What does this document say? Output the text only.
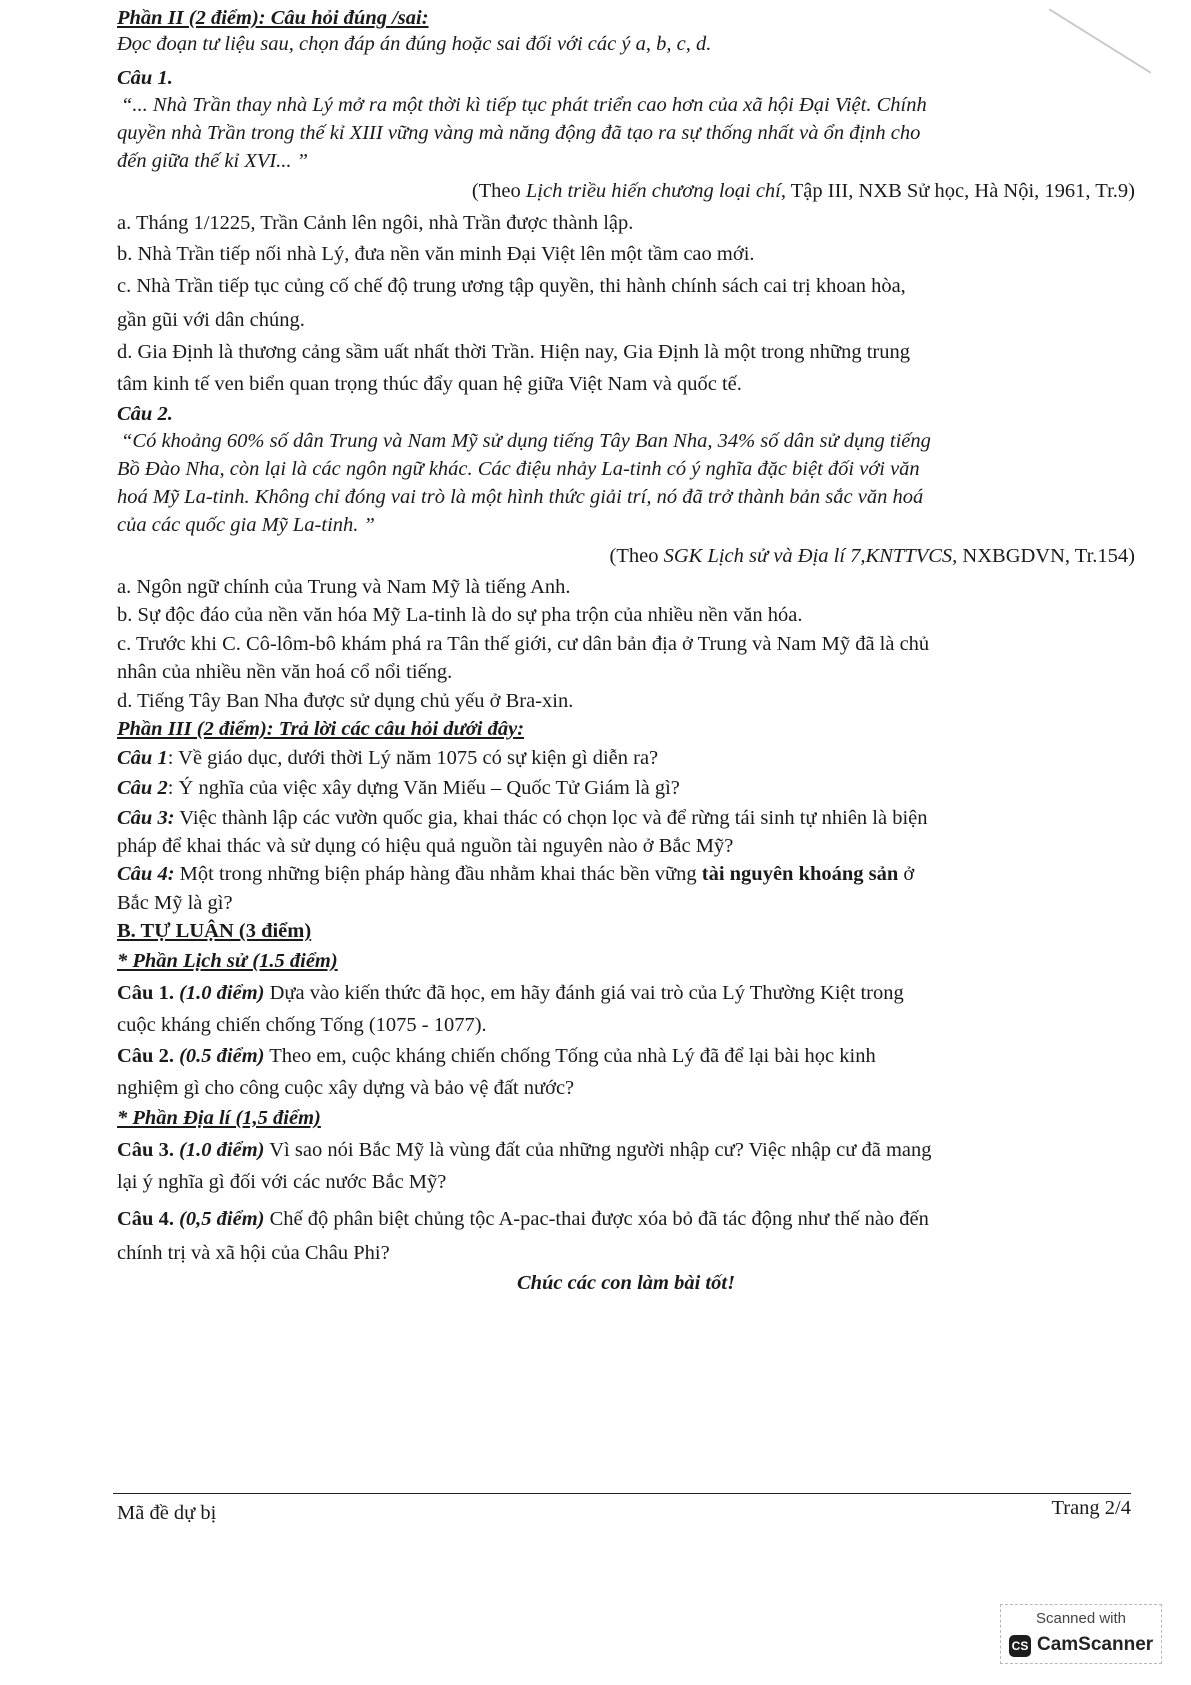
Phần II (2 điểm): Câu hỏi đúng /sai:
Đọc đoạn tư liệu sau, chọn đáp án đúng hoặc sai đối với các ý a, b, c, d.
Câu 1.
“... Nhà Trần thay nhà Lý mở ra một thời kì tiếp tục phát triển cao hơn của xã hội Đại Việt. Chính
quyền nhà Trần trong thế kỉ XIII vững vàng mà năng động đã tạo ra sự thống nhất và ổn định cho
đến giữa thế kỉ XVI... ”
(Theo Lịch triều hiến chương loại chí, Tập III, NXB Sử học, Hà Nội, 1961, Tr.9)
a. Tháng 1/1225, Trần Cảnh lên ngôi, nhà Trần được thành lập.
b. Nhà Trần tiếp nối nhà Lý, đưa nền văn minh Đại Việt lên một tầm cao mới.
c. Nhà Trần tiếp tục củng cố chế độ trung ương tập quyền, thi hành chính sách cai trị khoan hòa,
gần gũi với dân chúng.
d. Gia Định là thương cảng sầm uất nhất thời Trần. Hiện nay, Gia Định là một trong những trung
tâm kinh tế ven biển quan trọng thúc đẩy quan hệ giữa Việt Nam và quốc tế.
Câu 2.
“Có khoảng 60% số dân Trung và Nam Mỹ sử dụng tiếng Tây Ban Nha, 34% số dân sử dụng tiếng
Bồ Đào Nha, còn lại là các ngôn ngữ khác. Các điệu nhảy La-tinh có ý nghĩa đặc biệt đối với văn
hoá Mỹ La-tinh. Không chỉ đóng vai trò là một hình thức giải trí, nó đã trở thành bản sắc văn hoá
của các quốc gia Mỹ La-tinh. ”
(Theo SGK Lịch sử và Địa lí 7,KNTTVCS, NXBGDVN, Tr.154)
a. Ngôn ngữ chính của Trung và Nam Mỹ là tiếng Anh.
b. Sự độc đáo của nền văn hóa Mỹ La-tinh là do sự pha trộn của nhiều nền văn hóa.
c. Trước khi C. Cô-lôm-bô khám phá ra Tân thế giới, cư dân bản địa ở Trung và Nam Mỹ đã là chủ
nhân của nhiều nền văn hoá cổ nổi tiếng.
d. Tiếng Tây Ban Nha được sử dụng chủ yếu ở Bra-xin.
Phần III (2 điểm): Trả lời các câu hỏi dưới đây:
Câu 1: Về giáo dục, dưới thời Lý năm 1075 có sự kiện gì diễn ra?
Câu 2: Ý nghĩa của việc xây dựng Văn Miếu – Quốc Tử Giám là gì?
Câu 3: Việc thành lập các vườn quốc gia, khai thác có chọn lọc và để rừng tái sinh tự nhiên là biện
pháp để khai thác và sử dụng có hiệu quả nguồn tài nguyên nào ở Bắc Mỹ?
Câu 4: Một trong những biện pháp hàng đầu nhằm khai thác bền vững tài nguyên khoáng sản ở
Bắc Mỹ là gì?
B. TỰ LUẬN (3 điểm)
* Phần Lịch sử (1.5 điểm)
Câu 1. (1.0 điểm) Dựa vào kiến thức đã học, em hãy đánh giá vai trò của Lý Thường Kiệt trong
cuộc kháng chiến chống Tống (1075 - 1077).
Câu 2. (0.5 điểm) Theo em, cuộc kháng chiến chống Tống của nhà Lý đã để lại bài học kinh
nghiệm gì cho công cuộc xây dựng và bảo vệ đất nước?
* Phần Địa lí (1,5 điểm)
Câu 3. (1.0 điểm) Vì sao nói Bắc Mỹ là vùng đất của những người nhập cư? Việc nhập cư đã mang
lại ý nghĩa gì đối với các nước Bắc Mỹ?
Câu 4. (0,5 điểm) Chế độ phân biệt chủng tộc A-pac-thai được xóa bỏ đã tác động như thế nào đến
chính trị và xã hội của Châu Phi?
Chúc các con làm bài tốt!
Mã đề dự bị	Trang 2/4
Scanned with
CS CamScanner
